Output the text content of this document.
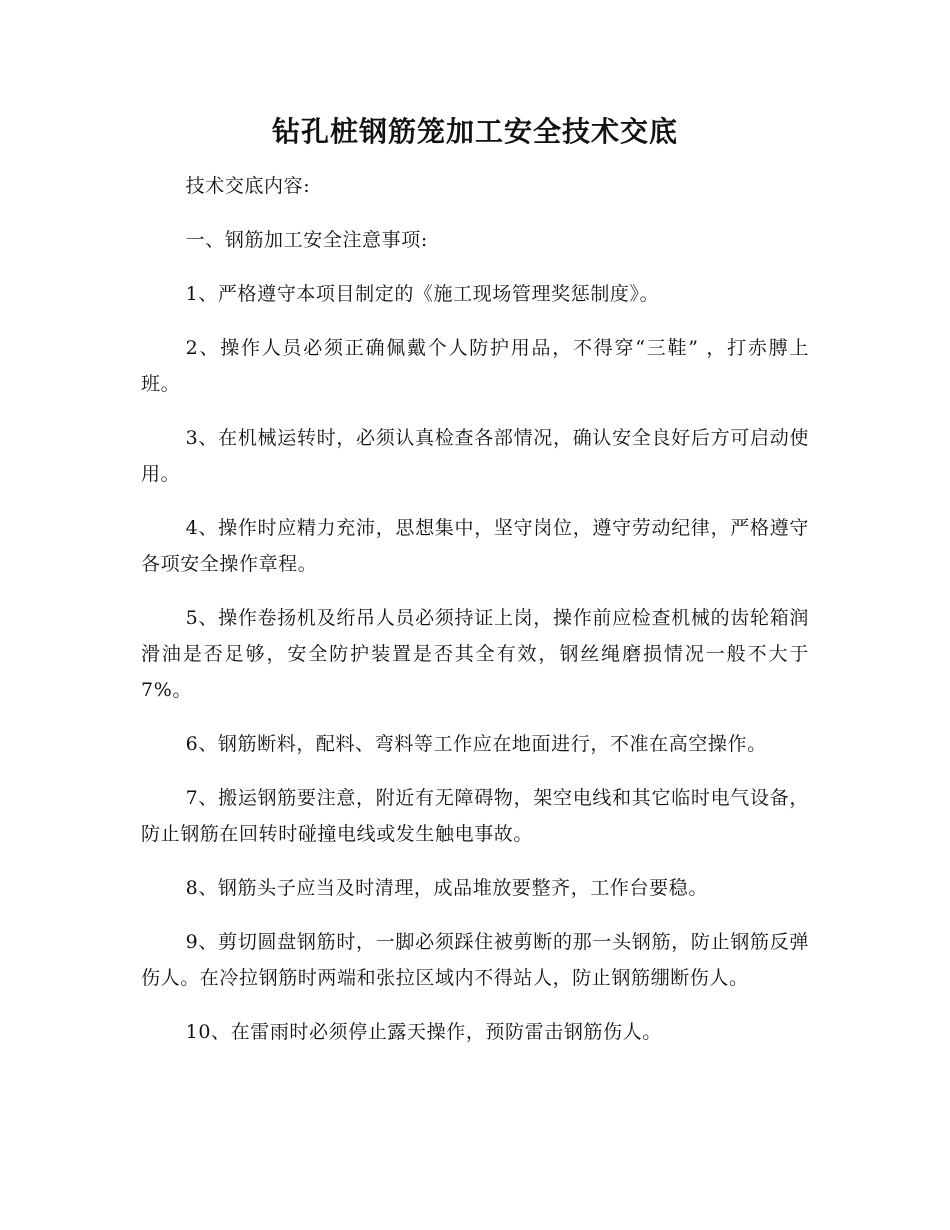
钻孔桩钢筋笼加工安全技术交底

技术交底内容:

一、钢筋加工安全注意事项:

1、严格遵守本项目制定的《施工现场管理奖惩制度》。

2、操作人员必须正确佩戴个人防护用品，不得穿“三鞋” ，打赤膊上班。

3、在机械运转时，必须认真检查各部情况，确认安全良好后方可启动使用。

4、操作时应精力充沛，思想集中，坚守岗位，遵守劳动纪律，严格遵守各项安全操作章程。

5、操作卷扬机及绗吊人员必须持证上岗，操作前应检查机械的齿轮箱润滑油是否足够，安全防护装置是否其全有效，钢丝绳磨损情况一般不大于7%。

6、钢筋断料，配料、弯料等工作应在地面进行，不准在高空操作。

7、搬运钢筋要注意，附近有无障碍物，架空电线和其它临时电气设备，防止钢筋在回转时碰撞电线或发生触电事故。

8、钢筋头子应当及时清理，成品堆放要整齐，工作台要稳。

9、剪切圆盘钢筋时，一脚必须踩住被剪断的那一头钢筋，防止钢筋反弹伤人。在冷拉钢筋时两端和张拉区域内不得站人，防止钢筋绷断伤人。

10、在雷雨时必须停止露天操作，预防雷击钢筋伤人。
